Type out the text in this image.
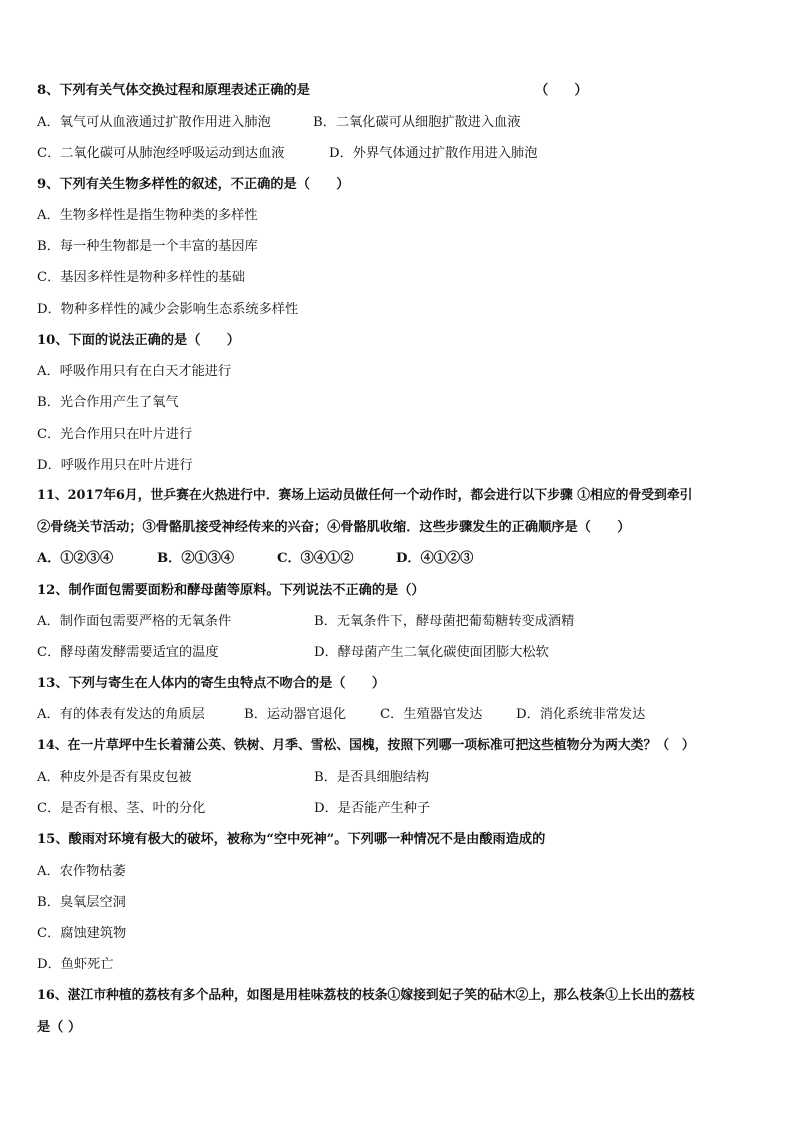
8、下列有关气体交换过程和原理表述正确的是	（　　）
A．氧气可从血液通过扩散作用进入肺泡	B．二氧化碳可从细胞扩散进入血液
C．二氧化碳可从肺泡经呼吸运动到达血液	D．外界气体通过扩散作用进入肺泡
9、下列有关生物多样性的叙述，不正确的是（　　）
A．生物多样性是指生物种类的多样性
B．每一种生物都是一个丰富的基因库
C．基因多样性是物种多样性的基础
D．物种多样性的减少会影响生态系统多样性
10、下面的说法正确的是（　　）
A．呼吸作用只有在白天才能进行
B．光合作用产生了氧气
C．光合作用只在叶片进行
D．呼吸作用只在叶片进行
11、2017年6月，世乒赛在火热进行中．赛场上运动员做任何一个动作时，都会进行以下步骤 ①相应的骨受到牵引
②骨绕关节活动；③骨骼肌接受神经传来的兴奋；④骨骼肌收缩．这些步骤发生的正确顺序是（　　）
A．①②③④	B．②①③④	C．③④①②	D．④①②③
12、制作面包需要面粉和酵母菌等原料。下列说法不正确的是（）
A．制作面包需要严格的无氧条件	B．无氧条件下，酵母菌把葡萄糖转变成酒精
C．酵母菌发酵需要适宜的温度	D．酵母菌产生二氧化碳使面团膨大松软
13、下列与寄生在人体内的寄生虫特点不吻合的是（　　）
A．有的体表有发达的角质层	B．运动器官退化	C．生殖器官发达	D．消化系统非常发达
14、在一片草坪中生长着蒲公英、铁树、月季、雪松、国槐，按照下列哪一项标准可把这些植物分为两大类？（　）
A．种皮外是否有果皮包被	B．是否具细胞结构
C．是否有根、茎、叶的分化	D．是否能产生种子
15、酸雨对环境有极大的破坏，被称为“空中死神”。下列哪一种情况不是由酸雨造成的
A．农作物枯萎
B．臭氧层空洞
C．腐蚀建筑物
D．鱼虾死亡
16、湛江市种植的荔枝有多个品种，如图是用桂味荔枝的枝条①嫁接到妃子笑的砧木②上，那么枝条①上长出的荔枝
是（ ）
